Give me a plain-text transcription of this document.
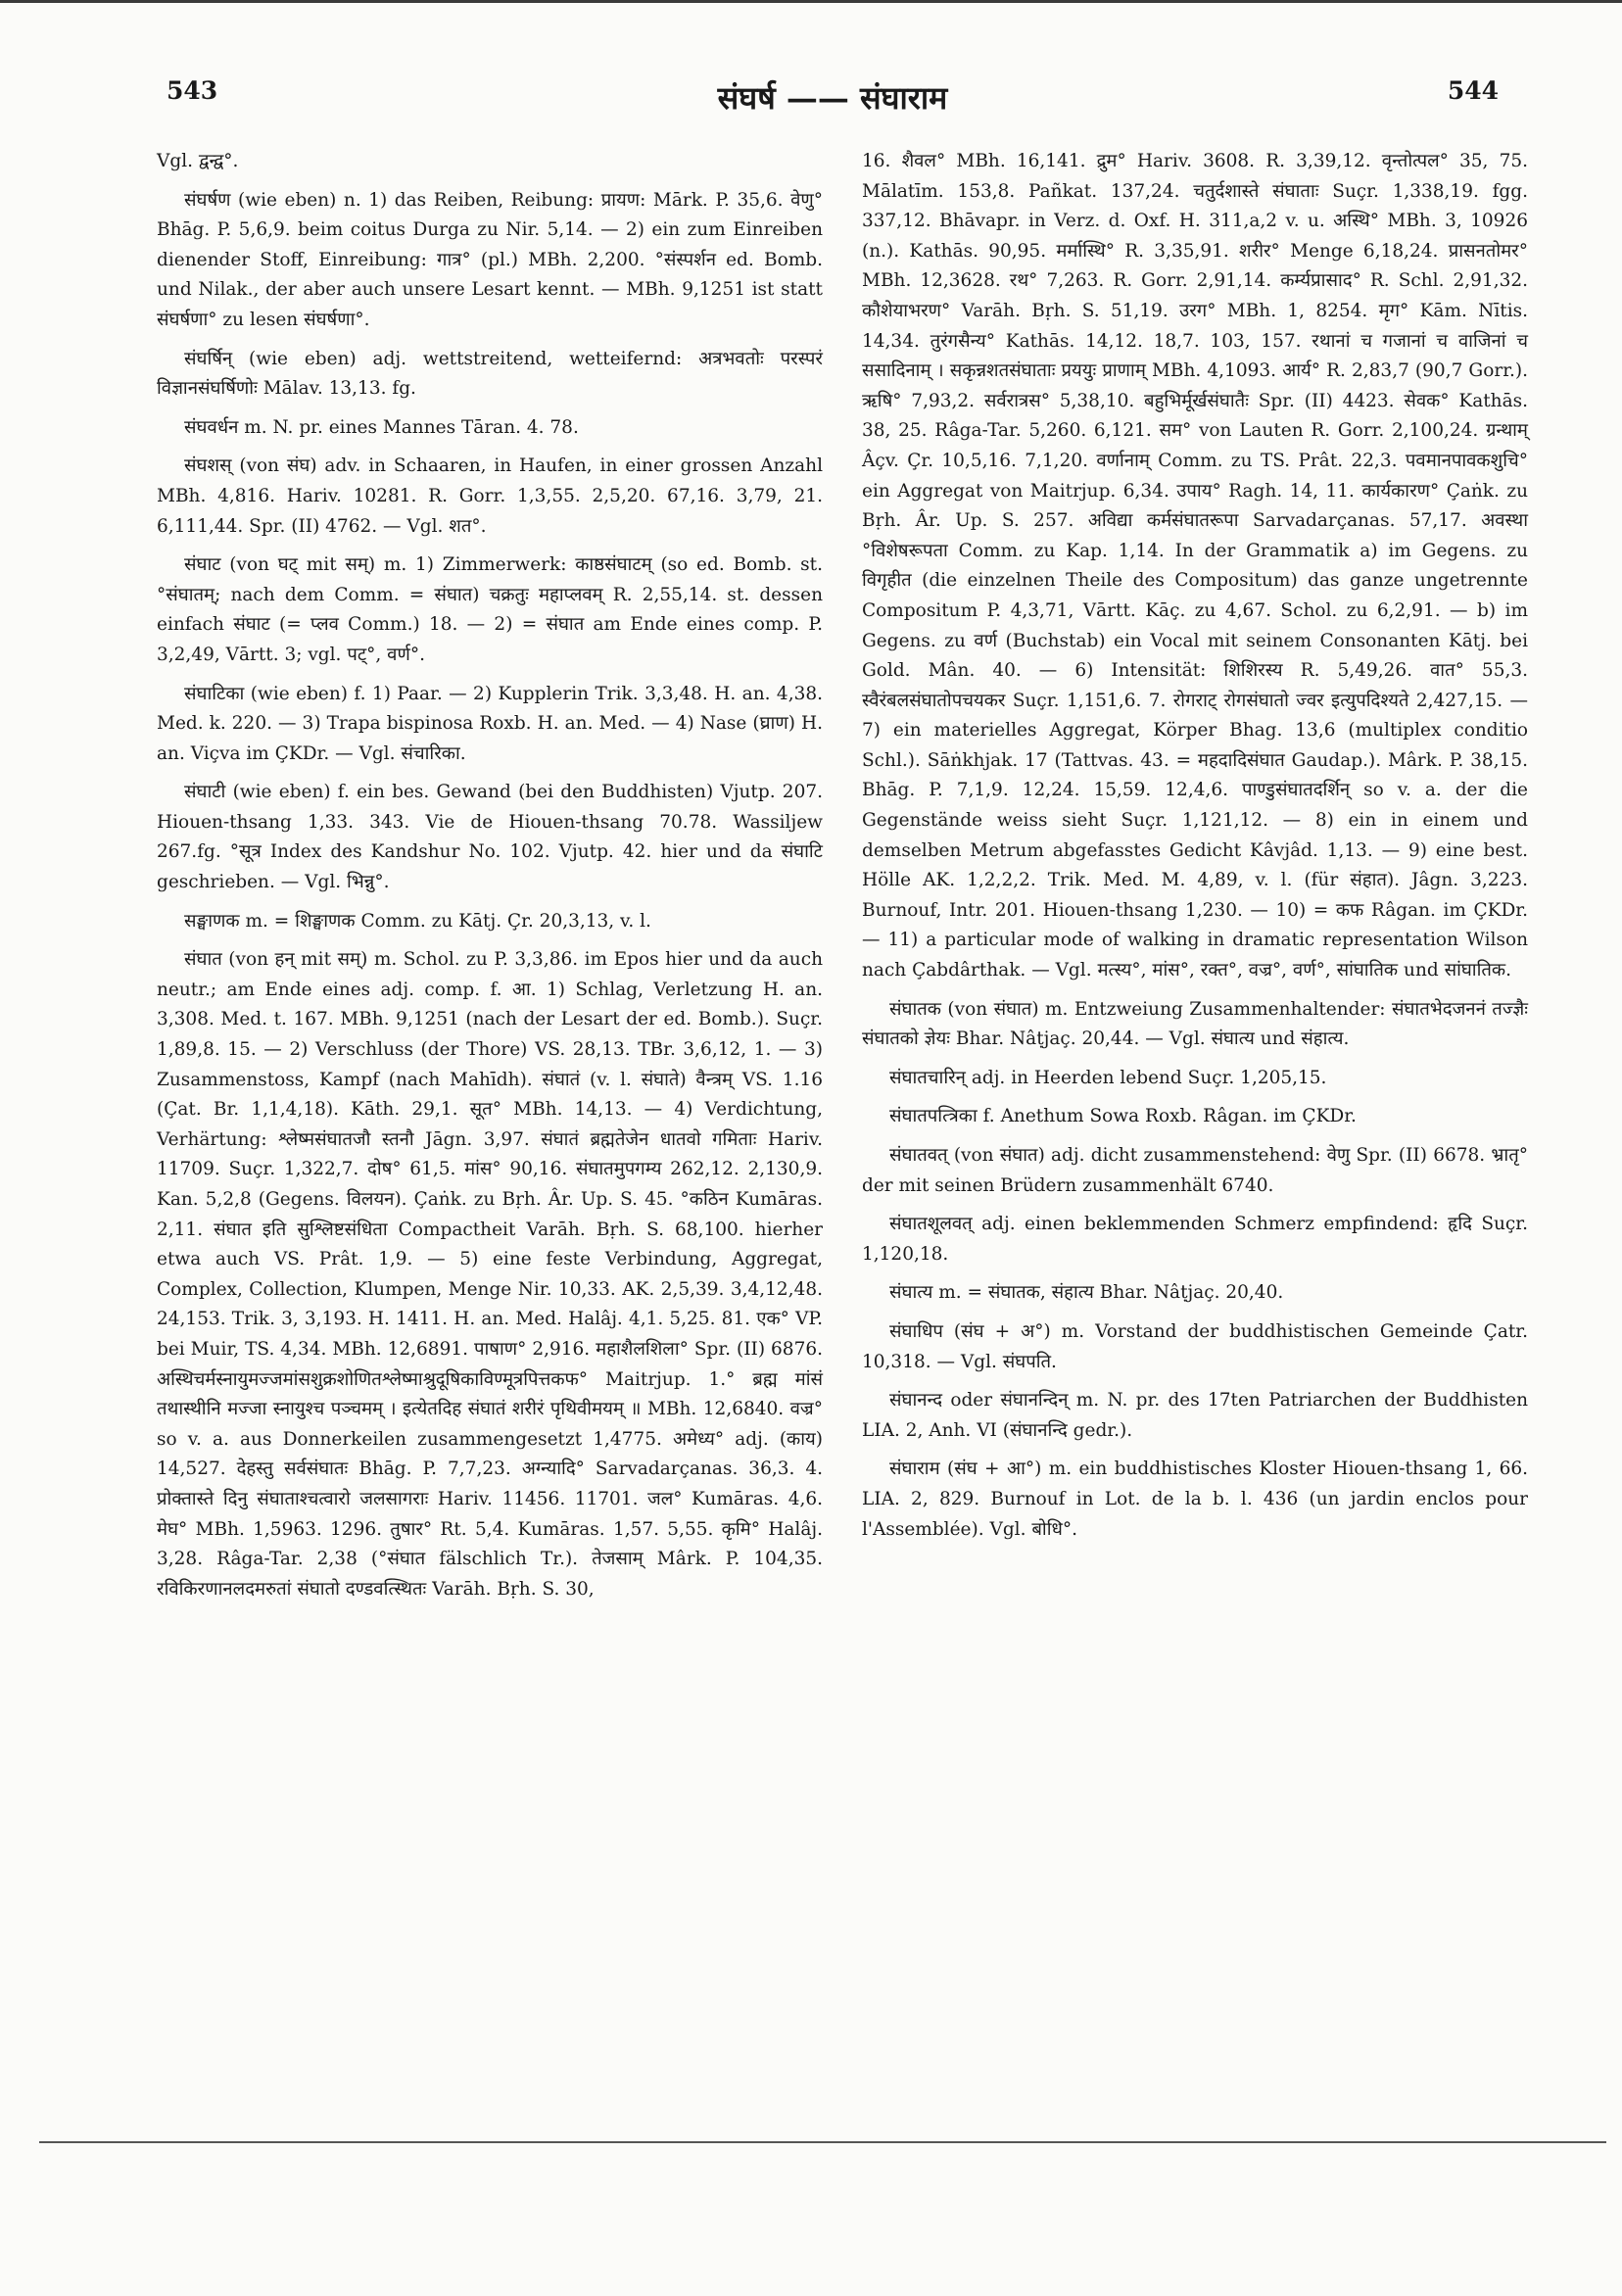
543	संघर्ष —— संघाराम	544

Vgl. द्वन्द्व°.

संघर्षण (wie eben) n. 1) das Reiben, Reibung: प्रायण: Mārk. P. 35,6. वेणु° Bhāg. P. 5,6,9. beim coitus Durga zu Nir. 5,14. — 2) ein zum Einreiben dienender Stoff, Einreibung: गात्र° (pl.) MBh. 2,200. °संस्पर्शन ed. Bomb. und Nilak., der aber auch unsere Lesart kennt. — MBh. 9,1251 ist statt संघर्षणा° zu lesen संघर्षणा°.

संघर्षिन् (wie eben) adj. wettstreitend, wetteifernd: अत्रभवतोः परस्परं विज्ञानसंघर्षिणोः Mālav. 13,13. fg.

संघवर्धन m. N. pr. eines Mannes Tāran. 4. 78.

संघशस् (von संघ) adv. in Schaaren, in Haufen, in einer grossen Anzahl MBh. 4,816. Hariv. 10281. R. Gorr. 1,3,55. 2,5,20. 67,16. 3,79, 21. 6,111,44. Spr. (II) 4762. — Vgl. शत°.

संघाट (von घट् mit सम्) m. 1) Zimmerwerk: काष्ठसंघाटम् (so ed. Bomb. st. °संघातम्; nach dem Comm. = संघात) चक्रतुः महाप्लवम् R. 2,55,14. st. dessen einfach संघाट (= प्लव Comm.) 18. — 2) = संघात am Ende eines comp. P. 3,2,49, Vārtt. 3; vgl. पट्°, वर्ण°.

संघाटिका (wie eben) f. 1) Paar. — 2) Kupplerin Trik. 3,3,48. H. an. 4,38. Med. k. 220. — 3) Trapa bispinosa Roxb. H. an. Med. — 4) Nase (घ्राण) H. an. Viçva im ÇKDr. — Vgl. संचारिका.

संघाटी (wie eben) f. ein bes. Gewand (bei den Buddhisten) Vjutp. 207. Hiouen-thsang 1,33. 343. Vie de Hiouen-thsang 70.78. Wassiljew 267.fg. °सूत्र Index des Kandshur No. 102. Vjutp. 42. hier und da संघाटि geschrieben. — Vgl. भिन्नु°.

सङ्घाणक m. = शिङ्घाणक Comm. zu Kātj. Çr. 20,3,13, v. l.

संघात (von हन् mit सम्) m. Schol. zu P. 3,3,86. im Epos hier und da auch neutr.; am Ende eines adj. comp. f. आ. 1) Schlag, Verletzung H. an. 3,308. Med. t. 167. MBh. 9,1251 (nach der Lesart der ed. Bomb.). Suçr. 1,89,8. 15. — 2) Verschluss (der Thore) VS. 28,13. TBr. 3,6,12, 1. — 3) Zusammenstoss, Kampf (nach Mahīdh). संघातं (v. l. संघाते) वैन्त्रम् VS. 1.16 (Çat. Br. 1,1,4,18). Kāth. 29,1. सूत° MBh. 14,13. — 4) Verdichtung, Verhärtung: श्लेष्मसंघातजौ स्तनौ Jāgn. 3,97. संघातं ब्रह्मतेजेन धातवो गमिताः Hariv. 11709. Suçr. 1,322,7. दोष° 61,5. मांस° 90,16. संघातमुपगम्य 262,12. 2,130,9. Kan. 5,2,8 (Gegens. विलयन). Çaṅk. zu Bṛh. Âr. Up. S. 45. °कठिन Kumāras. 2,11. संघात इति सुश्लिष्टसंधिता Compactheit Varāh. Bṛh. S. 68,100. hierher etwa auch VS. Prât. 1,9. — 5) eine feste Verbindung, Aggregat, Complex, Collection, Klumpen, Menge Nir. 10,33. AK. 2,5,39. 3,4,12,48. 24,153. Trik. 3, 3,193. H. 1411. H. an. Med. Halâj. 4,1. 5,25. 81. एक° VP. bei Muir, TS. 4,34. MBh. 12,6891. पाषाण° 2,916. महाशैलशिला° Spr. (II) 6876. अस्थिचर्मस्नायुमज्जमांसशुक्रशोणितश्लेष्माश्रुदूषिकाविण्मूत्रपित्तकफ° Maitrjup. 1.° ब्रह्म मांसं तथास्थीनि मज्जा स्नायुश्च पञ्चमम् । इत्येतदिह संघातं शरीरं पृथिवीमयम् ॥ MBh. 12,6840. वज्र° so v. a. aus Donnerkeilen zusammengesetzt 1,4775. अमेध्य° adj. (काय) 14,527. देहस्तु सर्वसंघातः Bhāg. P. 7,7,23. अग्न्यादि° Sarvadarçanas. 36,3. 4. प्रोक्तास्ते दिनु संघाताश्चत्वारो जलसागराः Hariv. 11456. 11701. जल° Kumāras. 4,6. मेघ° MBh. 1,5963. 1296. तुषार° Rt. 5,4. Kumāras. 1,57. 5,55. कृमि° Halâj. 3,28. Râga-Tar. 2,38 (°संघात fälschlich Tr.). तेजसाम् Mârk. P. 104,35. रविकिरणानलदमरुतां संघातो दण्डवत्स्थितः Varāh. Bṛh. S. 30,

16. शैवल° MBh. 16,141. द्रुम° Hariv. 3608. R. 3,39,12. वृन्तोत्पल° 35, 75. Mālatīm. 153,8. Pañkat. 137,24. चतुर्दशास्ते संघाताः Suçr. 1,338,19. fgg. 337,12. Bhāvapr. in Verz. d. Oxf. H. 311,a,2 v. u. अस्थि° MBh. 3, 10926 (n.). Kathās. 90,95. मर्मास्थि° R. 3,35,91. शरीर° Menge 6,18,24. प्रासनतोमर° MBh. 12,3628. रथ° 7,263. R. Gorr. 2,91,14. कर्म्यप्रासाद° R. Schl. 2,91,32. कौशेयाभरण° Varāh. Bṛh. S. 51,19. उरग° MBh. 1, 8254. मृग° Kām. Nītis. 14,34. तुरंगसैन्य° Kathās. 14,12. 18,7. 103, 157. रथानां च गजानां च वाजिनां च ससादिनाम् । सकृन्नशतसंघाताः प्रययुः प्राणाम् MBh. 4,1093. आर्य° R. 2,83,7 (90,7 Gorr.). ऋषि° 7,93,2. सर्वरात्रस° 5,38,10. बहुभिर्मूर्खसंघातैः Spr. (II) 4423. सेवक° Kathās. 38, 25. Râga-Tar. 5,260. 6,121. सम° von Lauten R. Gorr. 2,100,24. ग्रन्थाम् Âçv. Çr. 10,5,16. 7,1,20. वर्णानाम् Comm. zu TS. Prât. 22,3. पवमानपावकशुचि° ein Aggregat von Maitrjup. 6,34. उपाय° Ragh. 14, 11. कार्यकारण° Çaṅk. zu Bṛh. Âr. Up. S. 257. अविद्या कर्मसंघातरूपा Sarvadarçanas. 57,17. अवस्था °विशेषरूपता Comm. zu Kap. 1,14. In der Grammatik a) im Gegens. zu विगृहीत (die einzelnen Theile des Compositum) das ganze ungetrennte Compositum P. 4,3,71, Vārtt. Kāç. zu 4,67. Schol. zu 6,2,91. — b) im Gegens. zu वर्ण (Buchstab) ein Vocal mit seinem Consonanten Kātj. bei Gold. Mân. 40. — 6) Intensität: शिशिरस्य R. 5,49,26. वात° 55,3. स्वैरंबलसंघातोपचयकर Suçr. 1,151,6. 7. रोगराट् रोगसंघातो ज्वर इत्युपदिश्यते 2,427,15. — 7) ein materielles Aggregat, Körper Bhag. 13,6 (multiplex conditio Schl.). Sāṅkhjak. 17 (Tattvas. 43. = महदादिसंघात Gaudap.). Mârk. P. 38,15. Bhāg. P. 7,1,9. 12,24. 15,59. 12,4,6. पाण्डुसंघातदर्शिन् so v. a. der die Gegenstände weiss sieht Suçr. 1,121,12. — 8) ein in einem und demselben Metrum abgefasstes Gedicht Kâvjâd. 1,13. — 9) eine best. Hölle AK. 1,2,2,2. Trik. Med. M. 4,89, v. l. (für संहात). Jâgn. 3,223. Burnouf, Intr. 201. Hiouen-thsang 1,230. — 10) = कफ Râgan. im ÇKDr. — 11) a particular mode of walking in dramatic representation Wilson nach Çabdârthak. — Vgl. मत्स्य°, मांस°, रक्त°, वज्र°, वर्ण°, सांघातिक und सांघातिक.

संघातक (von संघात) m. Entzweiung Zusammenhaltender: संघातभेदजननं तज्ज्ञैः संघातको ज्ञेयः Bhar. Nâṭjaç. 20,44. — Vgl. संघात्य und संहात्य.

संघातचारिन् adj. in Heerden lebend Suçr. 1,205,15.

संघातपत्त्रिका f. Anethum Sowa Roxb. Râgan. im ÇKDr.

संघातवत् (von संघात) adj. dicht zusammenstehend: वेणु Spr. (II) 6678. भ्रातृ° der mit seinen Brüdern zusammenhält 6740.

संघातशूलवत् adj. einen beklemmenden Schmerz empfindend: हृदि Suçr. 1,120,18.

संघात्य m. = संघातक, संहात्य Bhar. Nâṭjaç. 20,40.

संघाधिप (संघ + अ°) m. Vorstand der buddhistischen Gemeinde Çatr. 10,318. — Vgl. संघपति.

संघानन्द oder संघानन्दिन् m. N. pr. des 17ten Patriarchen der Buddhisten LIA. 2, Anh. VI (संघानन्दि gedr.).

संघाराम (संघ + आ°) m. ein buddhistisches Kloster Hiouen-thsang 1, 66. LIA. 2, 829. Burnouf in Lot. de la b. l. 436 (un jardin enclos pour l'Assemblée). Vgl. बोधि°.
